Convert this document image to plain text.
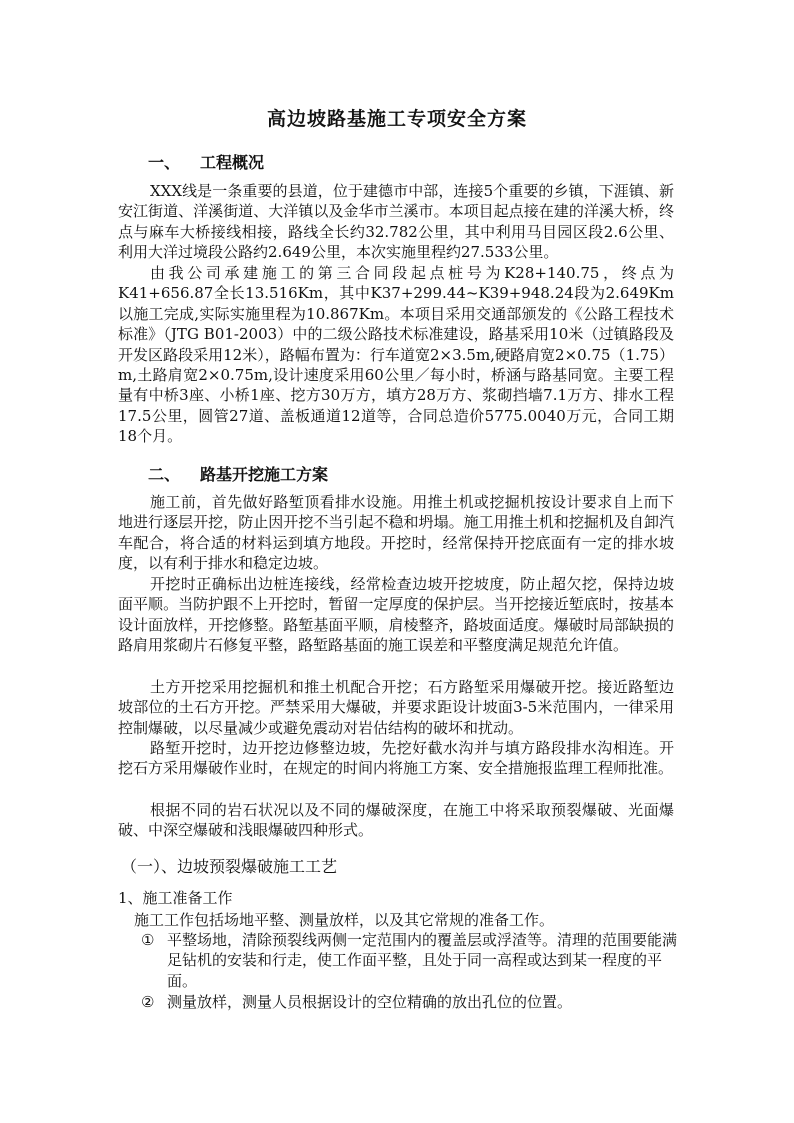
高边坡路基施工专项安全方案
一、 工程概况

XXX线是一条重要的县道，位于建德市中部，连接5个重要的乡镇，下涯镇、新安江街道、洋溪街道、大洋镇以及金华市兰溪市。本项目起点接在建的洋溪大桥，终点与麻车大桥接线相接，路线全长约32.782公里，其中利用马目园区段2.6公里、利用大洋过境段公路约2.649公里，本次实施里程约27.533公里。

由我公司承建施工的第三合同段起点桩号为K28+140.75，终点为K41+656.87全长13.516Km，其中K37+299.44~K39+948.24段为2.649Km以施工完成,实际实施里程为10.867Km。本项目采用交通部颁发的《公路工程技术标准》（JTG B01-2003）中的二级公路技术标准建设，路基采用10米（过镇路段及开发区路段采用12米），路幅布置为：行车道宽2×3.5m,硬路肩宽2×0.75（1.75）m,土路肩宽2×0.75m,设计速度采用60公里／每小时，桥涵与路基同宽。主要工程量有中桥3座、小桥1座、挖方30万方，填方28万方、浆砌挡墙7.1万方、排水工程17.5公里，圆管27道、盖板通道12道等，合同总造价5775.0040万元，合同工期18个月。

二、 路基开挖施工方案

施工前，首先做好路堑顶看排水设施。用推土机或挖掘机按设计要求自上而下地进行逐层开挖，防止因开挖不当引起不稳和坍塌。施工用推土机和挖掘机及自卸汽车配合，将合适的材料运到填方地段。开挖时，经常保持开挖底面有一定的排水坡度，以有利于排水和稳定边坡。

开挖时正确标出边桩连接线，经常检查边坡开挖坡度，防止超欠挖，保持边坡面平顺。当防护跟不上开挖时，暂留一定厚度的保护层。当开挖接近堑底时，按基本设计面放样，开挖修整。路堑基面平顺，肩棱整齐，路坡面适度。爆破时局部缺损的路肩用浆砌片石修复平整，路堑路基面的施工误差和平整度满足规范允许值。

土方开挖采用挖掘机和推土机配合开挖；石方路堑采用爆破开挖。接近路堑边坡部位的土石方开挖。严禁采用大爆破，并要求距设计坡面3-5米范围内，一律采用控制爆破，以尽量减少或避免震动对岩估结构的破坏和扰动。

路堑开挖时，边开挖边修整边坡，先挖好截水沟并与填方路段排水沟相连。开挖石方采用爆破作业时，在规定的时间内将施工方案、安全措施报监理工程师批准。

根据不同的岩石状况以及不同的爆破深度，在施工中将采取预裂爆破、光面爆破、中深空爆破和浅眼爆破四种形式。

（一）、边坡预裂爆破施工工艺
1、施工准备工作
施工工作包括场地平整、测量放样，以及其它常规的准备工作。
① 平整场地，清除预裂线两侧一定范围内的覆盖层或浮渣等。清理的范围要能满足钻机的安装和行走，使工作面平整，且处于同一高程或达到某一程度的平面。
② 测量放样，测量人员根据设计的空位精确的放出孔位的位置。
